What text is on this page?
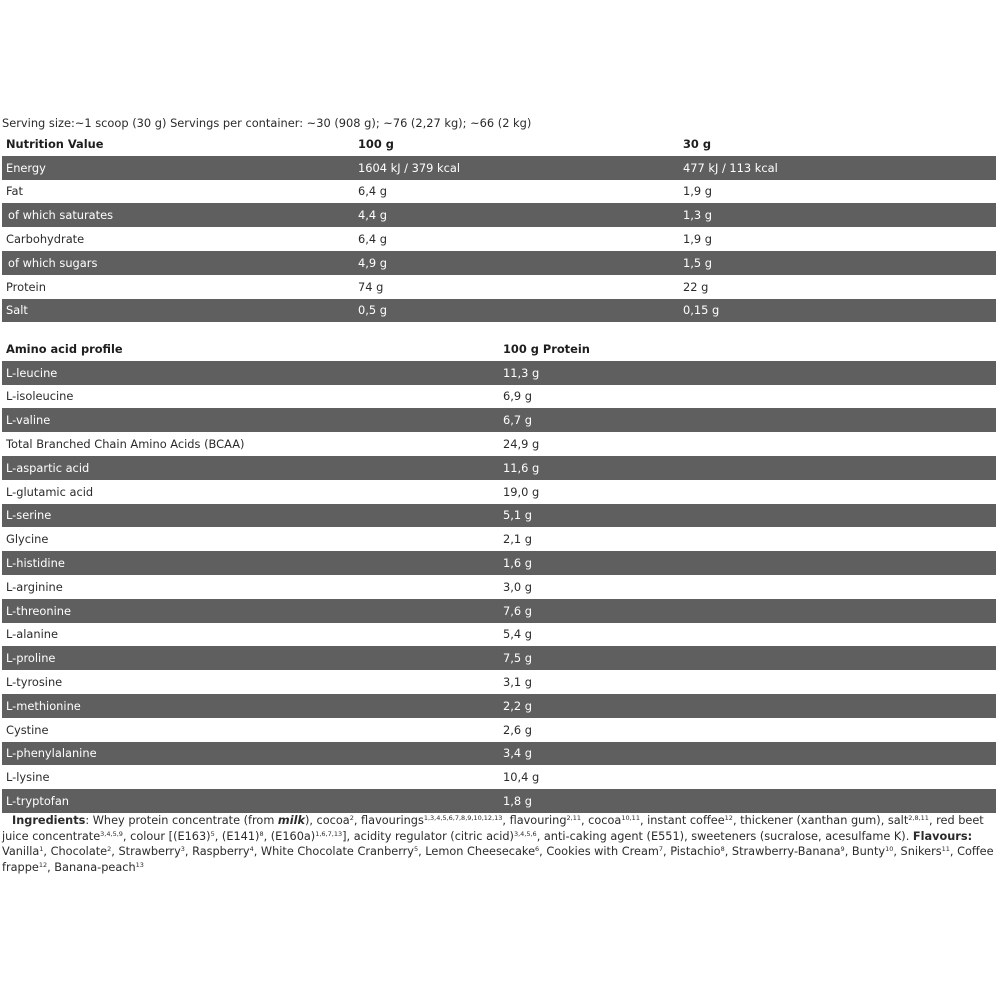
Serving size:~1 scoop (30 g) Servings per container: ~30 (908 g); ~76 (2,27 kg); ~66 (2 kg)
Nutrition Value	100 g	30 g
Energy	1604 kJ / 379 kcal	477 kJ / 113 kcal
Fat	6,4 g	1,9 g
of which saturates	4,4 g	1,3 g
Carbohydrate	6,4 g	1,9 g
of which sugars	4,9 g	1,5 g
Protein	74 g	22 g
Salt	0,5 g	0,15 g
Amino acid profile	100 g Protein
L-leucine	11,3 g
L-isoleucine	6,9 g
L-valine	6,7 g
Total Branched Chain Amino Acids (BCAA)	24,9 g
L-aspartic acid	11,6 g
L-glutamic acid	19,0 g
L-serine	5,1 g
Glycine	2,1 g
L-histidine	1,6 g
L-arginine	3,0 g
L-threonine	7,6 g
L-alanine	5,4 g
L-proline	7,5 g
L-tyrosine	3,1 g
L-methionine	2,2 g
Cystine	2,6 g
L-phenylalanine	3,4 g
L-lysine	10,4 g
L-tryptofan	1,8 g
Ingredients: Whey protein concentrate (from milk), cocoa$^2$, flavourings$^{1,3,4,5,6,7,8,9,10,12,13}$, flavouring$^{2,11}$, cocoa$^{10,11}$, instant coffee$^{12}$, thickener (xanthan gum), salt$^{2,8,11}$, red beet juice concentrate$^{3,4,5,9}$, colour [$(E163)^5$, $(E141)^8$, $(E160a)^{1,6,7,13}$], acidity regulator (citric acid)$^{3,4,5,6}$, anti-caking agent (E551), sweeteners (sucralose, acesulfame K). Flavours: Vanilla$^1$, Chocolate$^2$, Strawberry$^3$, Raspberry$^4$, White Chocolate Cranberry$^5$, Lemon Cheesecake$^6$, Cookies with Cream$^7$, Pistachio$^8$, Strawberry-Banana$^9$, Bunty$^{10}$, Snikers$^{11}$, Coffee frappe$^{12}$, Banana-peach$^{13}$
